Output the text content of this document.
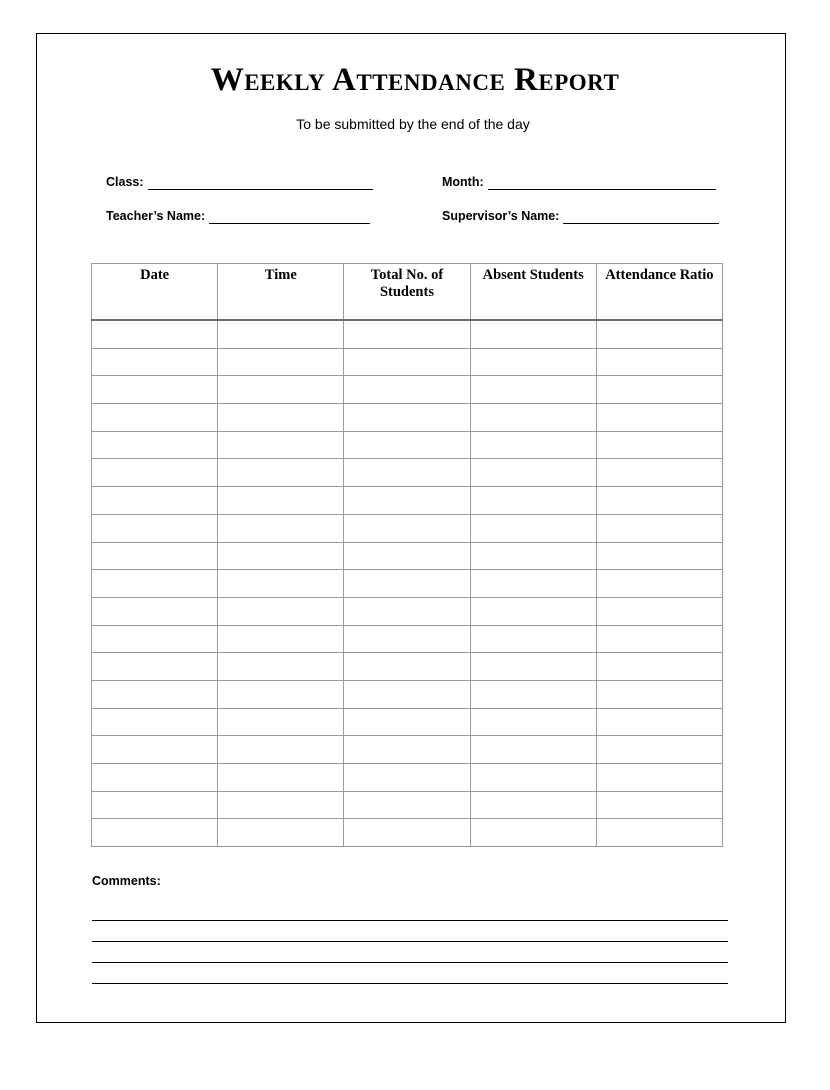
Weekly Attendance Report
To be submitted by the end of the day
Class:	Month:
Teacher’s Name:	Supervisor’s Name:
Date	Time	Total No. of Students	Absent Students	Attendance Ratio

Comments:
